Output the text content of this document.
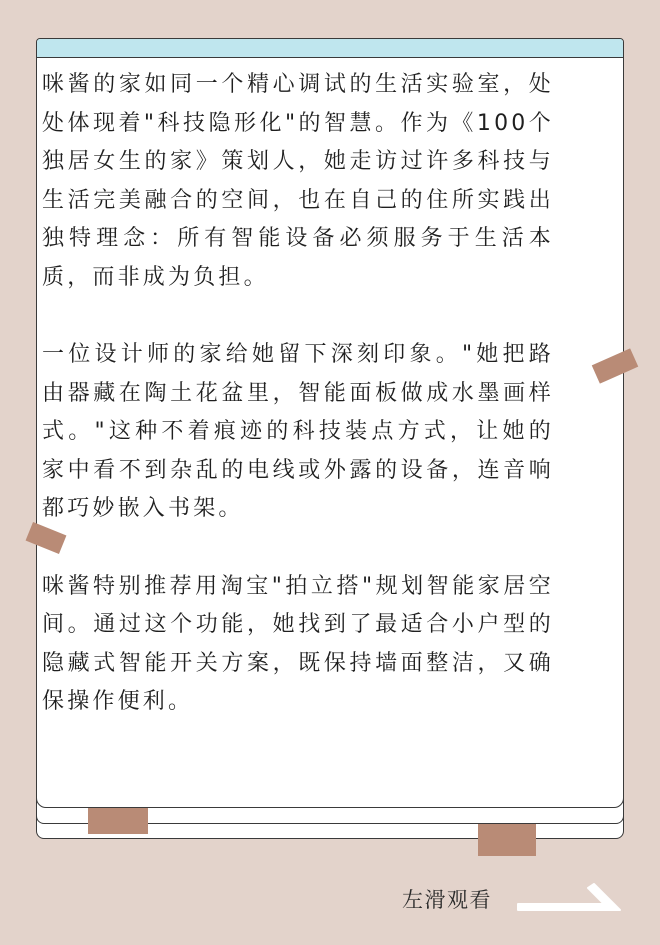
咪酱的家如同一个精心调试的生活实验室，处处体现着"科技隐形化"的智慧。作为《100个独居女生的家》策划人，她走访过许多科技与生活完美融合的空间，也在自己的住所实践出独特理念：所有智能设备必须服务于生活本质，而非成为负担。

一位设计师的家给她留下深刻印象。"她把路由器藏在陶土花盆里，智能面板做成水墨画样式。"这种不着痕迹的科技装点方式，让她的家中看不到杂乱的电线或外露的设备，连音响都巧妙嵌入书架。

咪酱特别推荐用淘宝"拍立搭"规划智能家居空间。通过这个功能，她找到了最适合小户型的隐藏式智能开关方案，既保持墙面整洁，又确保操作便利。

左滑观看
